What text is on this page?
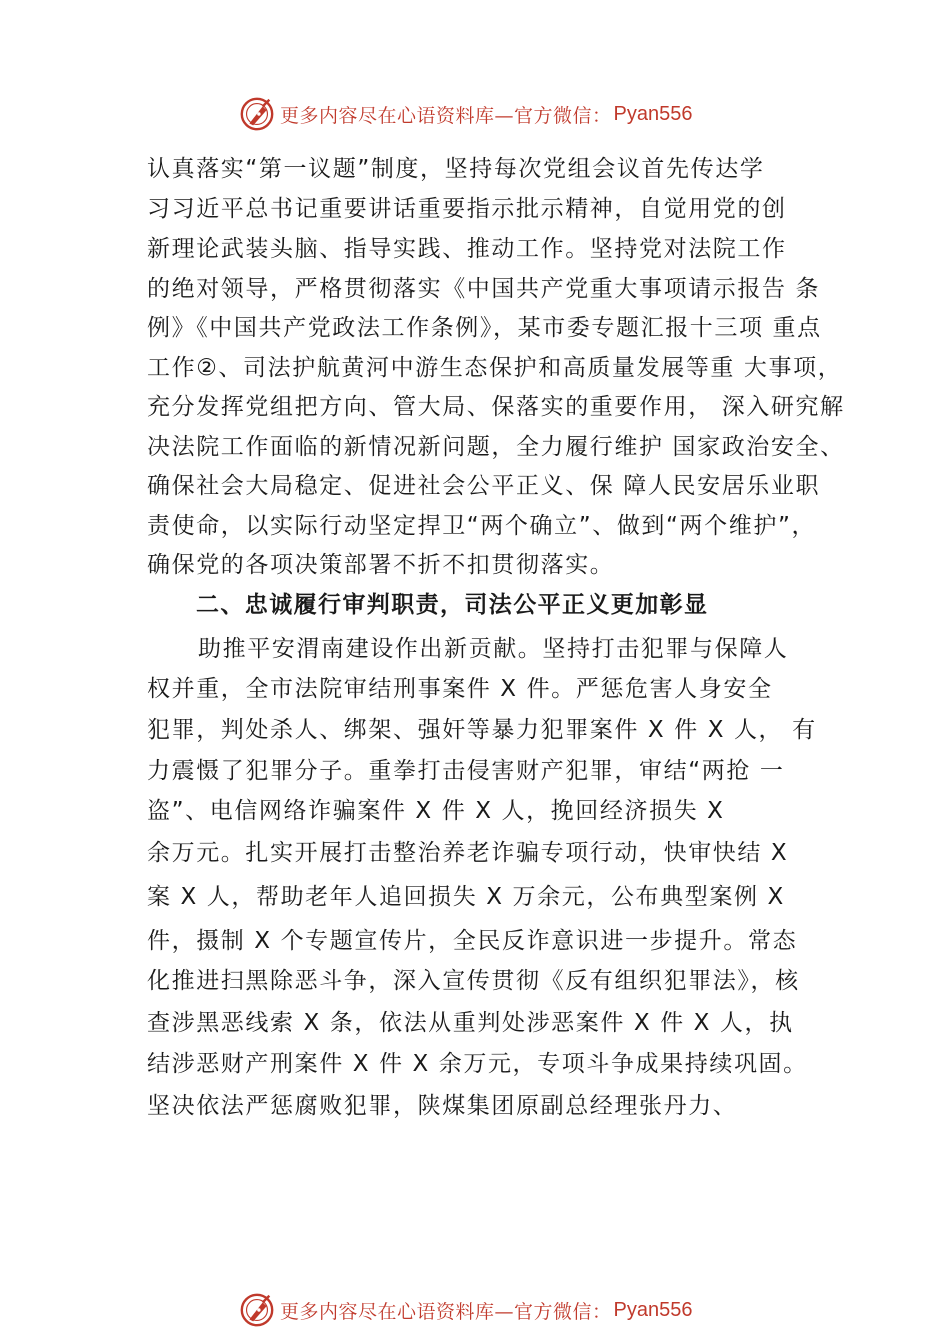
更多内容尽在心语资料库—官方微信： Pyan556
认真落实“第一议题”制度，坚持每次党组会议首先传达学
习习近平总书记重要讲话重要指示批示精神，自觉用党的创
新理论武装头脑、指导实践、推动工作。坚持党对法院工作
的绝对领导，严格贯彻落实《中国共产党重大事项请示报告 条
例》《中国共产党政法工作条例》，某市委专题汇报十三项 重点
工作②、司法护航黄河中游生态保护和高质量发展等重 大事项，
充分发挥党组把方向、管大局、保落实的重要作用， 深入研究解
决法院工作面临的新情况新问题，全力履行维护 国家政治安全、
确保社会大局稳定、促进社会公平正义、保 障人民安居乐业职
责使命，以实际行动坚定捍卫“两个确立”、做到“两个维护”，
确保党的各项决策部署不折不扣贯彻落实。
二、忠诚履行审判职责，司法公平正义更加彰显
助推平安渭南建设作出新贡献。坚持打击犯罪与保障人
权并重，全市法院审结刑事案件 X 件。严惩危害人身安全
犯罪，判处杀人、绑架、强奸等暴力犯罪案件 X 件 X 人， 有
力震慑了犯罪分子。重拳打击侵害财产犯罪，审结“两抢 一
盗”、电信网络诈骗案件 X 件 X 人，挽回经济损失 X
余万元。扎实开展打击整治养老诈骗专项行动，快审快结 X
案 X 人，帮助老年人追回损失 X 万余元，公布典型案例 X
件，摄制 X 个专题宣传片，全民反诈意识进一步提升。常态
化推进扫黑除恶斗争，深入宣传贯彻《反有组织犯罪法》，核
查涉黑恶线索 X 条，依法从重判处涉恶案件 X 件 X 人，执
结涉恶财产刑案件 X 件 X 余万元，专项斗争成果持续巩固。
坚决依法严惩腐败犯罪，陕煤集团原副总经理张丹力、
更多内容尽在心语资料库—官方微信： Pyan556
